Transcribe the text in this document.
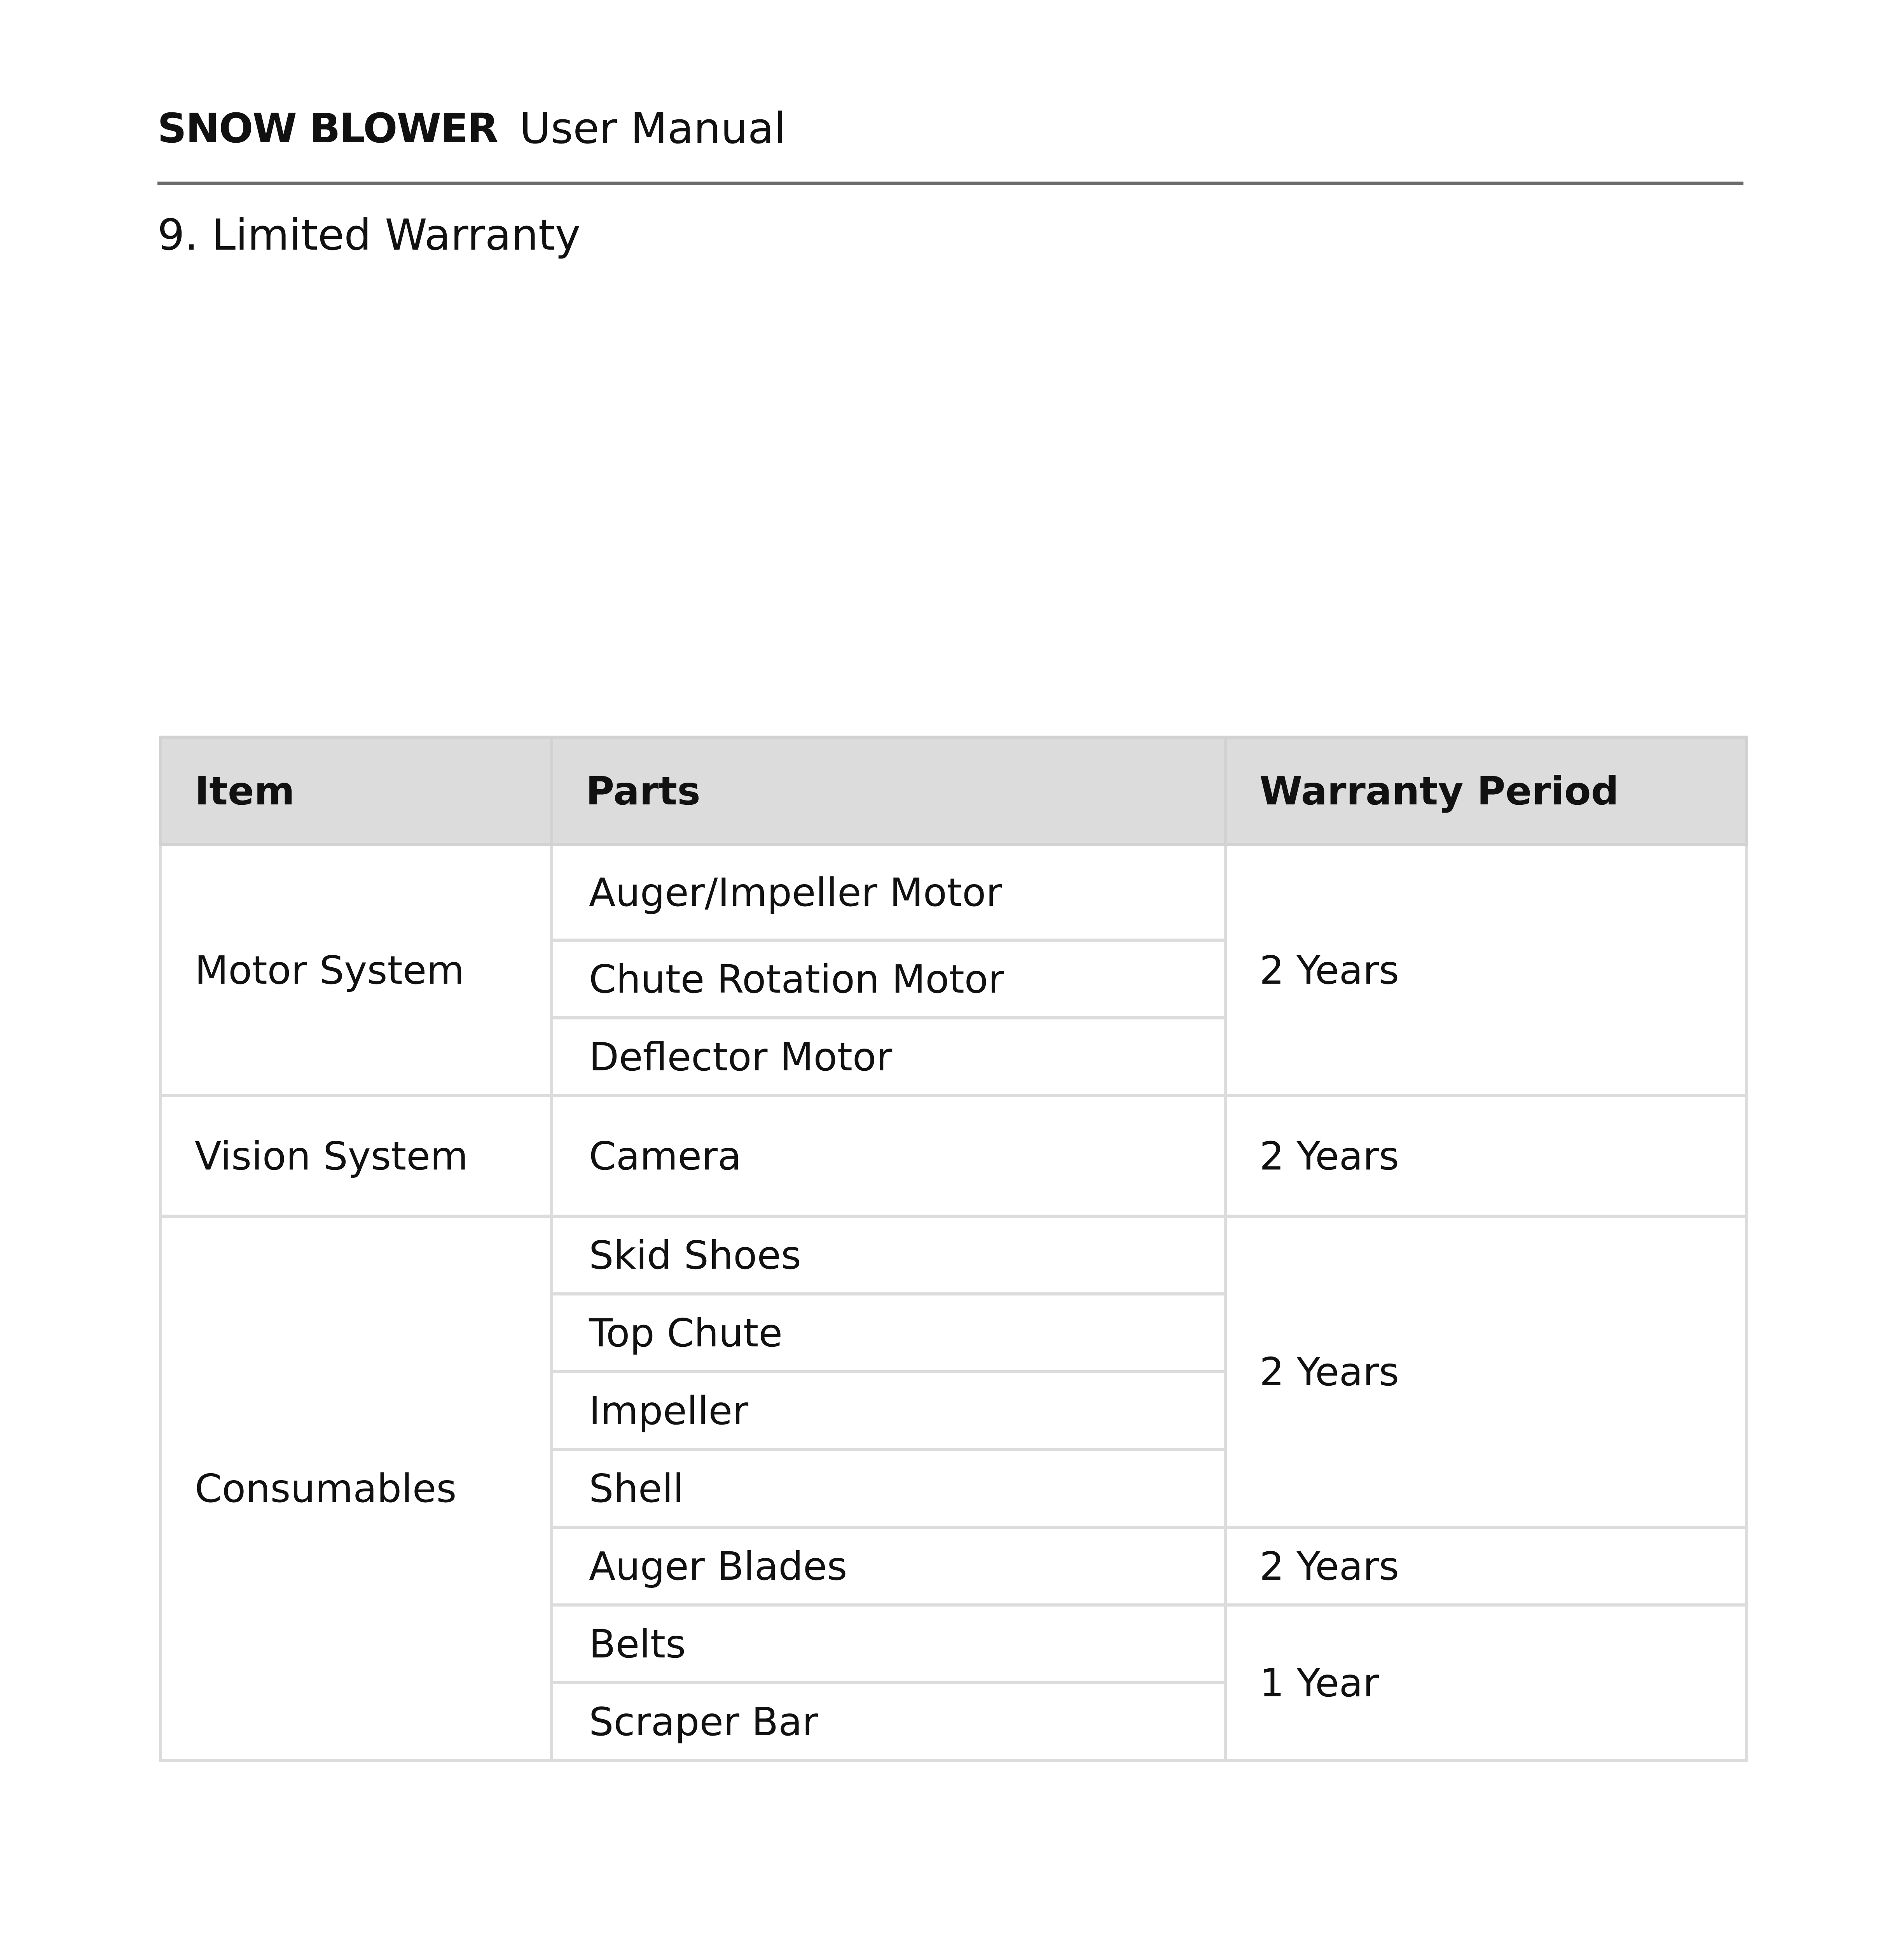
SNOW BLOWER User Manual
9. Limited Warranty
Item	Parts	Warranty Period
Motor System	Auger/Impeller Motor	2 Years
	Chute Rotation Motor	
	Deflector Motor	
Vision System	Camera	2 Years
Consumables	Skid Shoes	2 Years
	Top Chute	
	Impeller	
	Shell	
	Auger Blades	2 Years
	Belts	1 Year
	Scraper Bar	
